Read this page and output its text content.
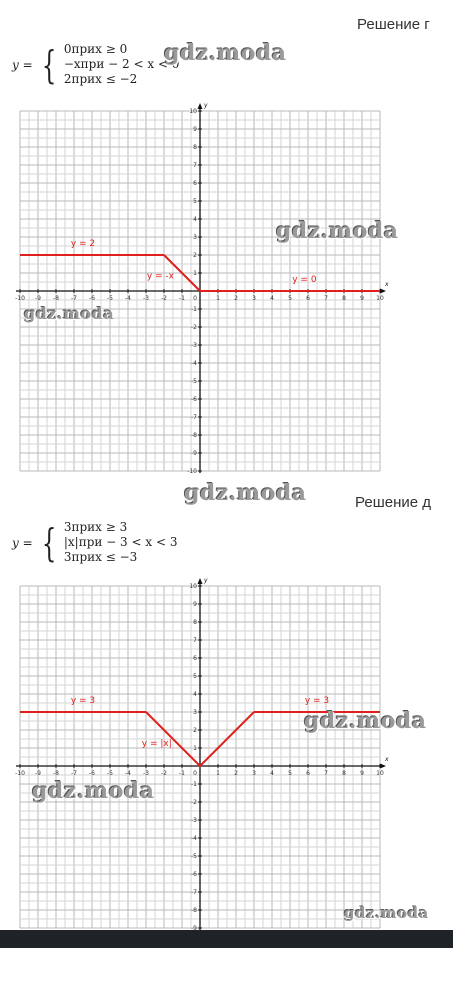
Решение г
y = { 0приx ≥ 0
−xпри − 2 < x < 0
2приx ≤ −2
x
y
-10 -9 -8 -7 -6 -5 -4 -3 -2 -1	1 2 3 4 5 6 7 8 9 10
-10
-9
-8
-7
-6
-5
-4
-3
-2
-1
1
2
3
4
5
6
7
8
9
10
0
y = 2
y = -x	y = 0
Решение д
y = { 3приx ≥ 3
|x|при − 3 < x < 3
3приx ≤ −3
x
y
-10 -9 -8 -7 -6 -5 -4 -3 -2 -1	1 2 3 4 5 6 7 8 9 10
-9
-8
-7
-6
-5
-4
-3
-2
-1
1
2
3
4
5
6
7
8
9
10
0
y = 3
y = |x|
y = 3
gdz.moda
gdz.moda
gdz.moda
gdz.moda
gdz.moda
gdz.moda
gdz.moda
